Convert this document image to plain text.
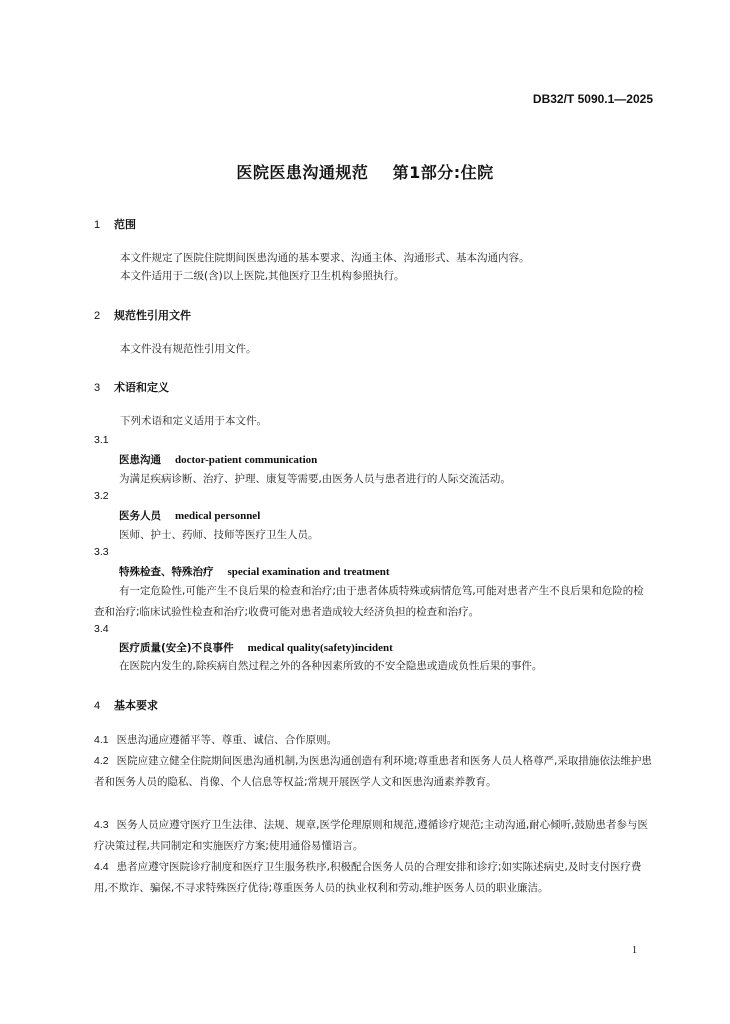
DB32/T 5090.1—2025
医院医患沟通规范    第1部分:住院
1 范围
本文件规定了医院住院期间医患沟通的基本要求、沟通主体、沟通形式、基本沟通内容。
本文件适用于二级(含)以上医院,其他医疗卫生机构参照执行。
2 规范性引用文件
本文件没有规范性引用文件。
3 术语和定义
下列术语和定义适用于本文件。
3.1
医患沟通 doctor-patient communication
为满足疾病诊断、治疗、护理、康复等需要,由医务人员与患者进行的人际交流活动。
3.2
医务人员 medical personnel
医师、护士、药师、技师等医疗卫生人员。
3.3
特殊检查、特殊治疗 special examination and treatment
有一定危险性,可能产生不良后果的检查和治疗;由于患者体质特殊或病情危笃,可能对患者产生不良后果和危险的检查和治疗;临床试验性检查和治疗;收费可能对患者造成较大经济负担的检查和治疗。
3.4
医疗质量(安全)不良事件 medical quality(safety)incident
在医院内发生的,除疾病自然过程之外的各种因素所致的不安全隐患或造成负性后果的事件。
4 基本要求
4.1 医患沟通应遵循平等、尊重、诚信、合作原则。
4.2 医院应建立健全住院期间医患沟通机制,为医患沟通创造有利环境;尊重患者和医务人员人格尊严,采取措施依法维护患者和医务人员的隐私、肖像、个人信息等权益;常规开展医学人文和医患沟通素养教育。
4.3 医务人员应遵守医疗卫生法律、法规、规章,医学伦理原则和规范,遵循诊疗规范;主动沟通,耐心倾听,鼓励患者参与医疗决策过程,共同制定和实施医疗方案;使用通俗易懂语言。
4.4 患者应遵守医院诊疗制度和医疗卫生服务秩序,积极配合医务人员的合理安排和诊疗;如实陈述病史,及时支付医疗费用,不欺诈、骗保,不寻求特殊医疗优待;尊重医务人员的执业权利和劳动,维护医务人员的职业廉洁。
1
